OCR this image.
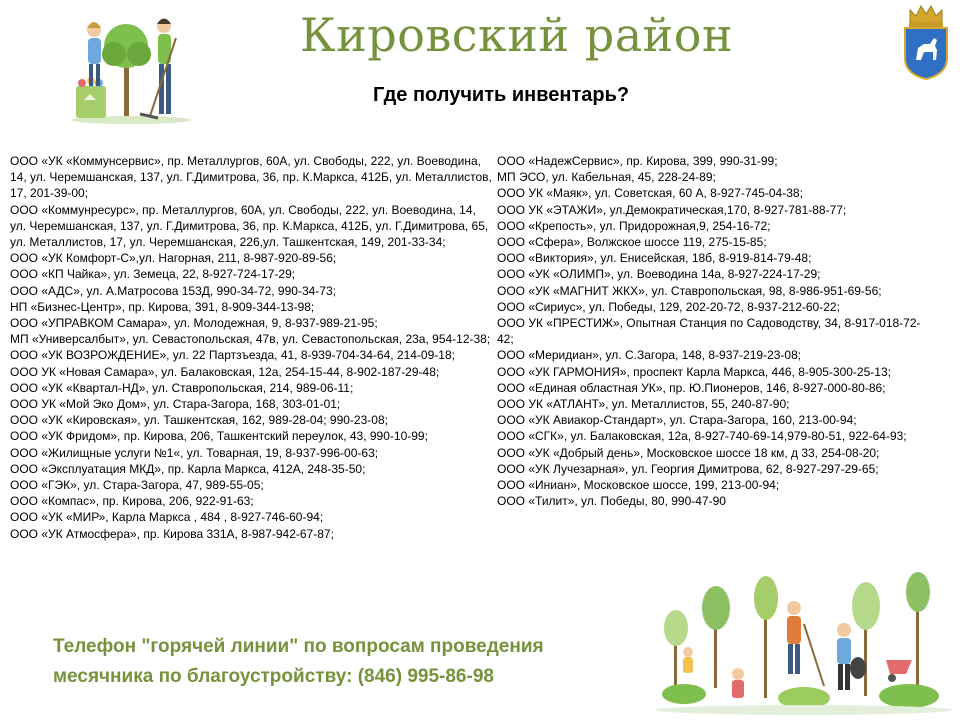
Кировский район
Где получить инвентарь?

ООО «УК «Коммунсервис», пр. Металлургов, 60А, ул. Свободы, 222, ул. Воеводина, 14, ул. Черемшанская, 137, ул. Г.Димитрова, 36, пр. К.Маркса, 412Б, ул. Металлистов, 17, 201-39-00;

ООО «Коммунресурс», пр. Металлургов, 60А, ул. Свободы, 222, ул. Воеводина, 14, ул. Черемшанская, 137, ул. Г.Димитрова, 36, пр. К.Маркса, 412Б, ул. Г.Димитрова, 65, ул. Металлистов, 17, ул. Черемшанская, 226,ул. Ташкентская, 149, 201-33-34;

ООО «УК Комфорт-С»,ул. Нагорная, 211, 8-987-920-89-56;

ООО «КП Чайка», ул. Земеца, 22, 8-927-724-17-29;

ООО «АДС», ул. А.Матросова 153Д, 990-34-72, 990-34-73;

НП «Бизнес-Центр», пр. Кирова, 391, 8-909-344-13-98;

ООО «УПРАВКОМ Самара», ул. Молодежная, 9, 8-937-989-21-95;

МП «Универсалбыт», ул. Севастопольская, 47в, ул. Севастопольская, 23а, 954-12-38;

ООО «УК ВОЗРОЖДЕНИЕ», ул. 22 Партзъезда, 41, 8-939-704-34-64, 214-09-18;

ООО УК «Новая Самара», ул. Балаковская, 12а, 254-15-44, 8-902-187-29-48;

ООО «УК «Квартал-НД», ул. Ставропольская, 214, 989-06-11;

ООО УК «Мой Эко Дом», ул. Стара-Загора, 168, 303-01-01;

ООО «УК «Кировская», ул. Ташкентская, 162, 989-28-04; 990-23-08;

ООО «УК Фридом», пр. Кирова, 206, Ташкентский переулок, 43, 990-10-99;

ООО «Жилищные услуги №1«, ул. Товарная, 19, 8-937-996-00-63;

ООО «Эксплуатация МКД», пр. Карла Маркса, 412А, 248-35-50;

ООО «ГЭК», ул. Стара-Загора, 47, 989-55-05;

ООО «Компас», пр. Кирова, 206, 922-91-63;

ООО «УК «МИР», Карла Маркса , 484 , 8-927-746-60-94;

ООО «УК Атмосфера», пр. Кирова 331А, 8-987-942-67-87;

ООО «НадежСервис», пр. Кирова, 399, 990-31-99;

МП ЭСО, ул. Кабельная, 45, 228-24-89;

ООО УК «Маяк», ул. Советская, 60 А, 8-927-745-04-38;

ООО УК «ЭТАЖИ», ул.Демократическая,170, 8-927-781-88-77;

ООО «Крепость», ул. Придорожная,9, 254-16-72;

ООО «Сфера», Волжское шоссе 119, 275-15-85;

ООО «Виктория», ул. Енисейская, 18б, 8-919-814-79-48;

ООО «УК «ОЛИМП», ул. Воеводина 14а, 8-927-224-17-29;

ООО «УК «МАГНИТ ЖКХ», ул. Ставропольская, 98, 8-986-951-69-56;

ООО «Сириус», ул. Победы, 129, 202-20-72, 8-937-212-60-22;

ООО УК «ПРЕСТИЖ», Опытная Станция по Садоводству, 34, 8-917-018-72-42;

ООО «Меридиан», ул. С.Загора, 148, 8-937-219-23-08;

ООО «УК ГАРМОНИЯ», проспект Карла Маркса, 446, 8-905-300-25-13;

ООО «Единая областная УК», пр. Ю.Пионеров, 146, 8-927-000-80-86;

ООО УК «АТЛАНТ», ул. Металлистов, 55, 240-87-90;

ООО «УК Авиакор-Стандарт», ул. Стара-Загора, 160, 213-00-94;

ООО «СГК», ул. Балаковская, 12а, 8-927-740-69-14,979-80-51, 922-64-93;

ООО «УК «Добрый день», Московское шоссе 18 км, д 33, 254-08-20;

ООО «УК Лучезарная», ул. Георгия Димитрова, 62, 8-927-297-29-65;

ООО «Иниан», Московское шоссе, 199, 213-00-94;

ООО «Тилит», ул. Победы, 80, 990-47-90

Телефон "горячей линии" по вопросам проведения месячника по благоустройству: (846) 995-86-98
